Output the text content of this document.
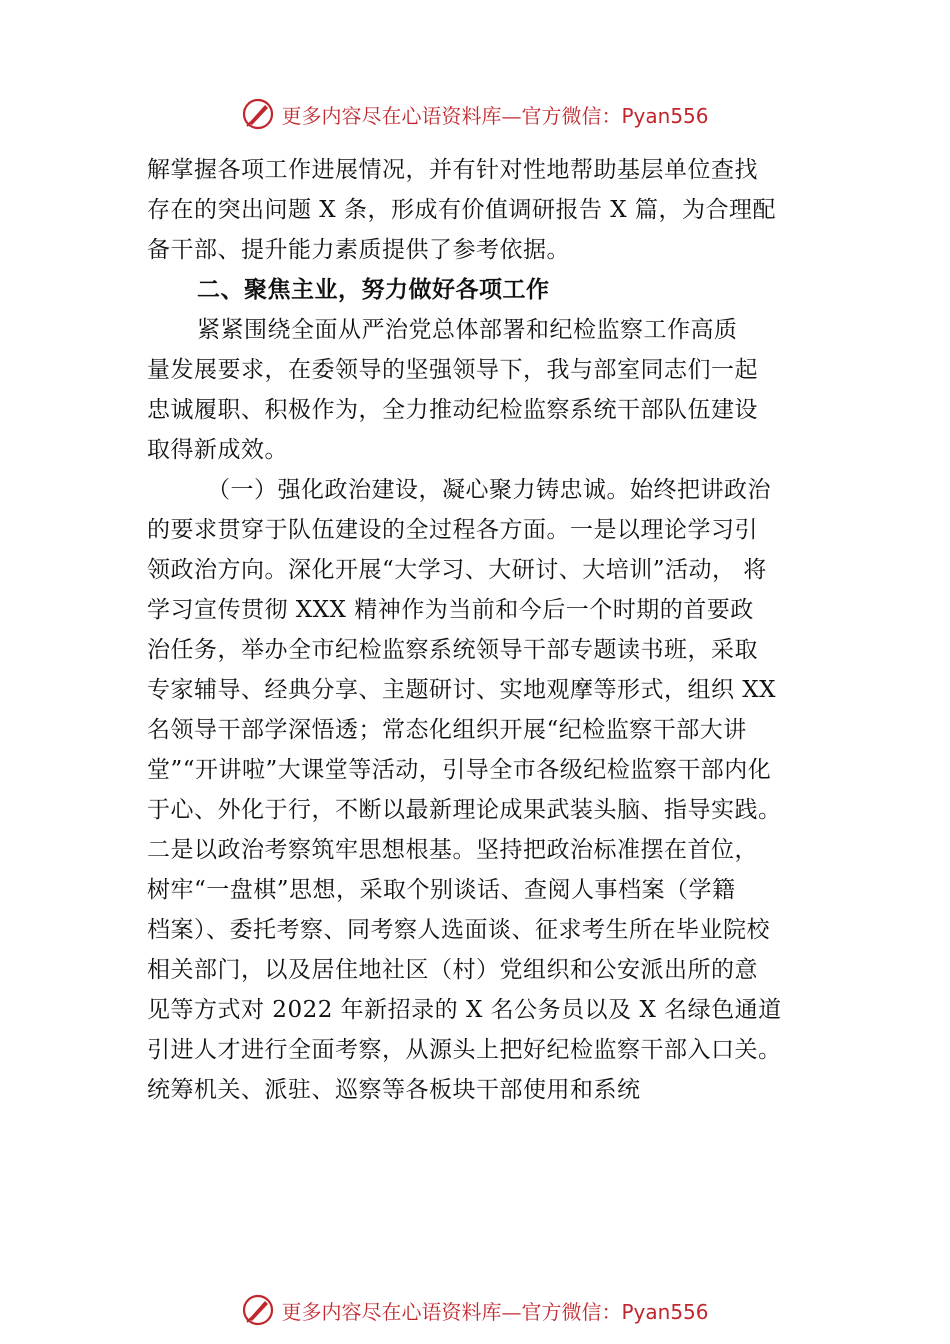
更多内容尽在心语资料库—官方微信：Pyan556
解掌握各项工作进展情况，并有针对性地帮助基层单位查找
存在的突出问题 X 条，形成有价值调研报告 X 篇，为合理配
备干部、提升能力素质提供了参考依据。
二、聚焦主业，努力做好各项工作
紧紧围绕全面从严治党总体部署和纪检监察工作高质
量发展要求，在委领导的坚强领导下，我与部室同志们一起
忠诚履职、积极作为，全力推动纪检监察系统干部队伍建设
取得新成效。
（一）强化政治建设，凝心聚力铸忠诚。始终把讲政治
的要求贯穿于队伍建设的全过程各方面。一是以理论学习引
领政治方向。深化开展“大学习、大研讨、大培训”活动， 将
学习宣传贯彻 XXX 精神作为当前和今后一个时期的首要政
治任务，举办全市纪检监察系统领导干部专题读书班，采取
专家辅导、经典分享、主题研讨、实地观摩等形式，组织 XX
名领导干部学深悟透；常态化组织开展“纪检监察干部大讲
堂”“开讲啦”大课堂等活动，引导全市各级纪检监察干部内化
于心、外化于行，不断以最新理论成果武装头脑、指导实践。
二是以政治考察筑牢思想根基。坚持把政治标准摆在首位，
树牢“一盘棋”思想，采取个别谈话、查阅人事档案（学籍
档案）、委托考察、同考察人选面谈、征求考生所在毕业院校
相关部门，以及居住地社区（村）党组织和公安派出所的意
见等方式对 2022 年新招录的 X 名公务员以及 X 名绿色通道
引进人才进行全面考察，从源头上把好纪检监察干部入口关。
统筹机关、派驻、巡察等各板块干部使用和系统
更多内容尽在心语资料库—官方微信：Pyan556
